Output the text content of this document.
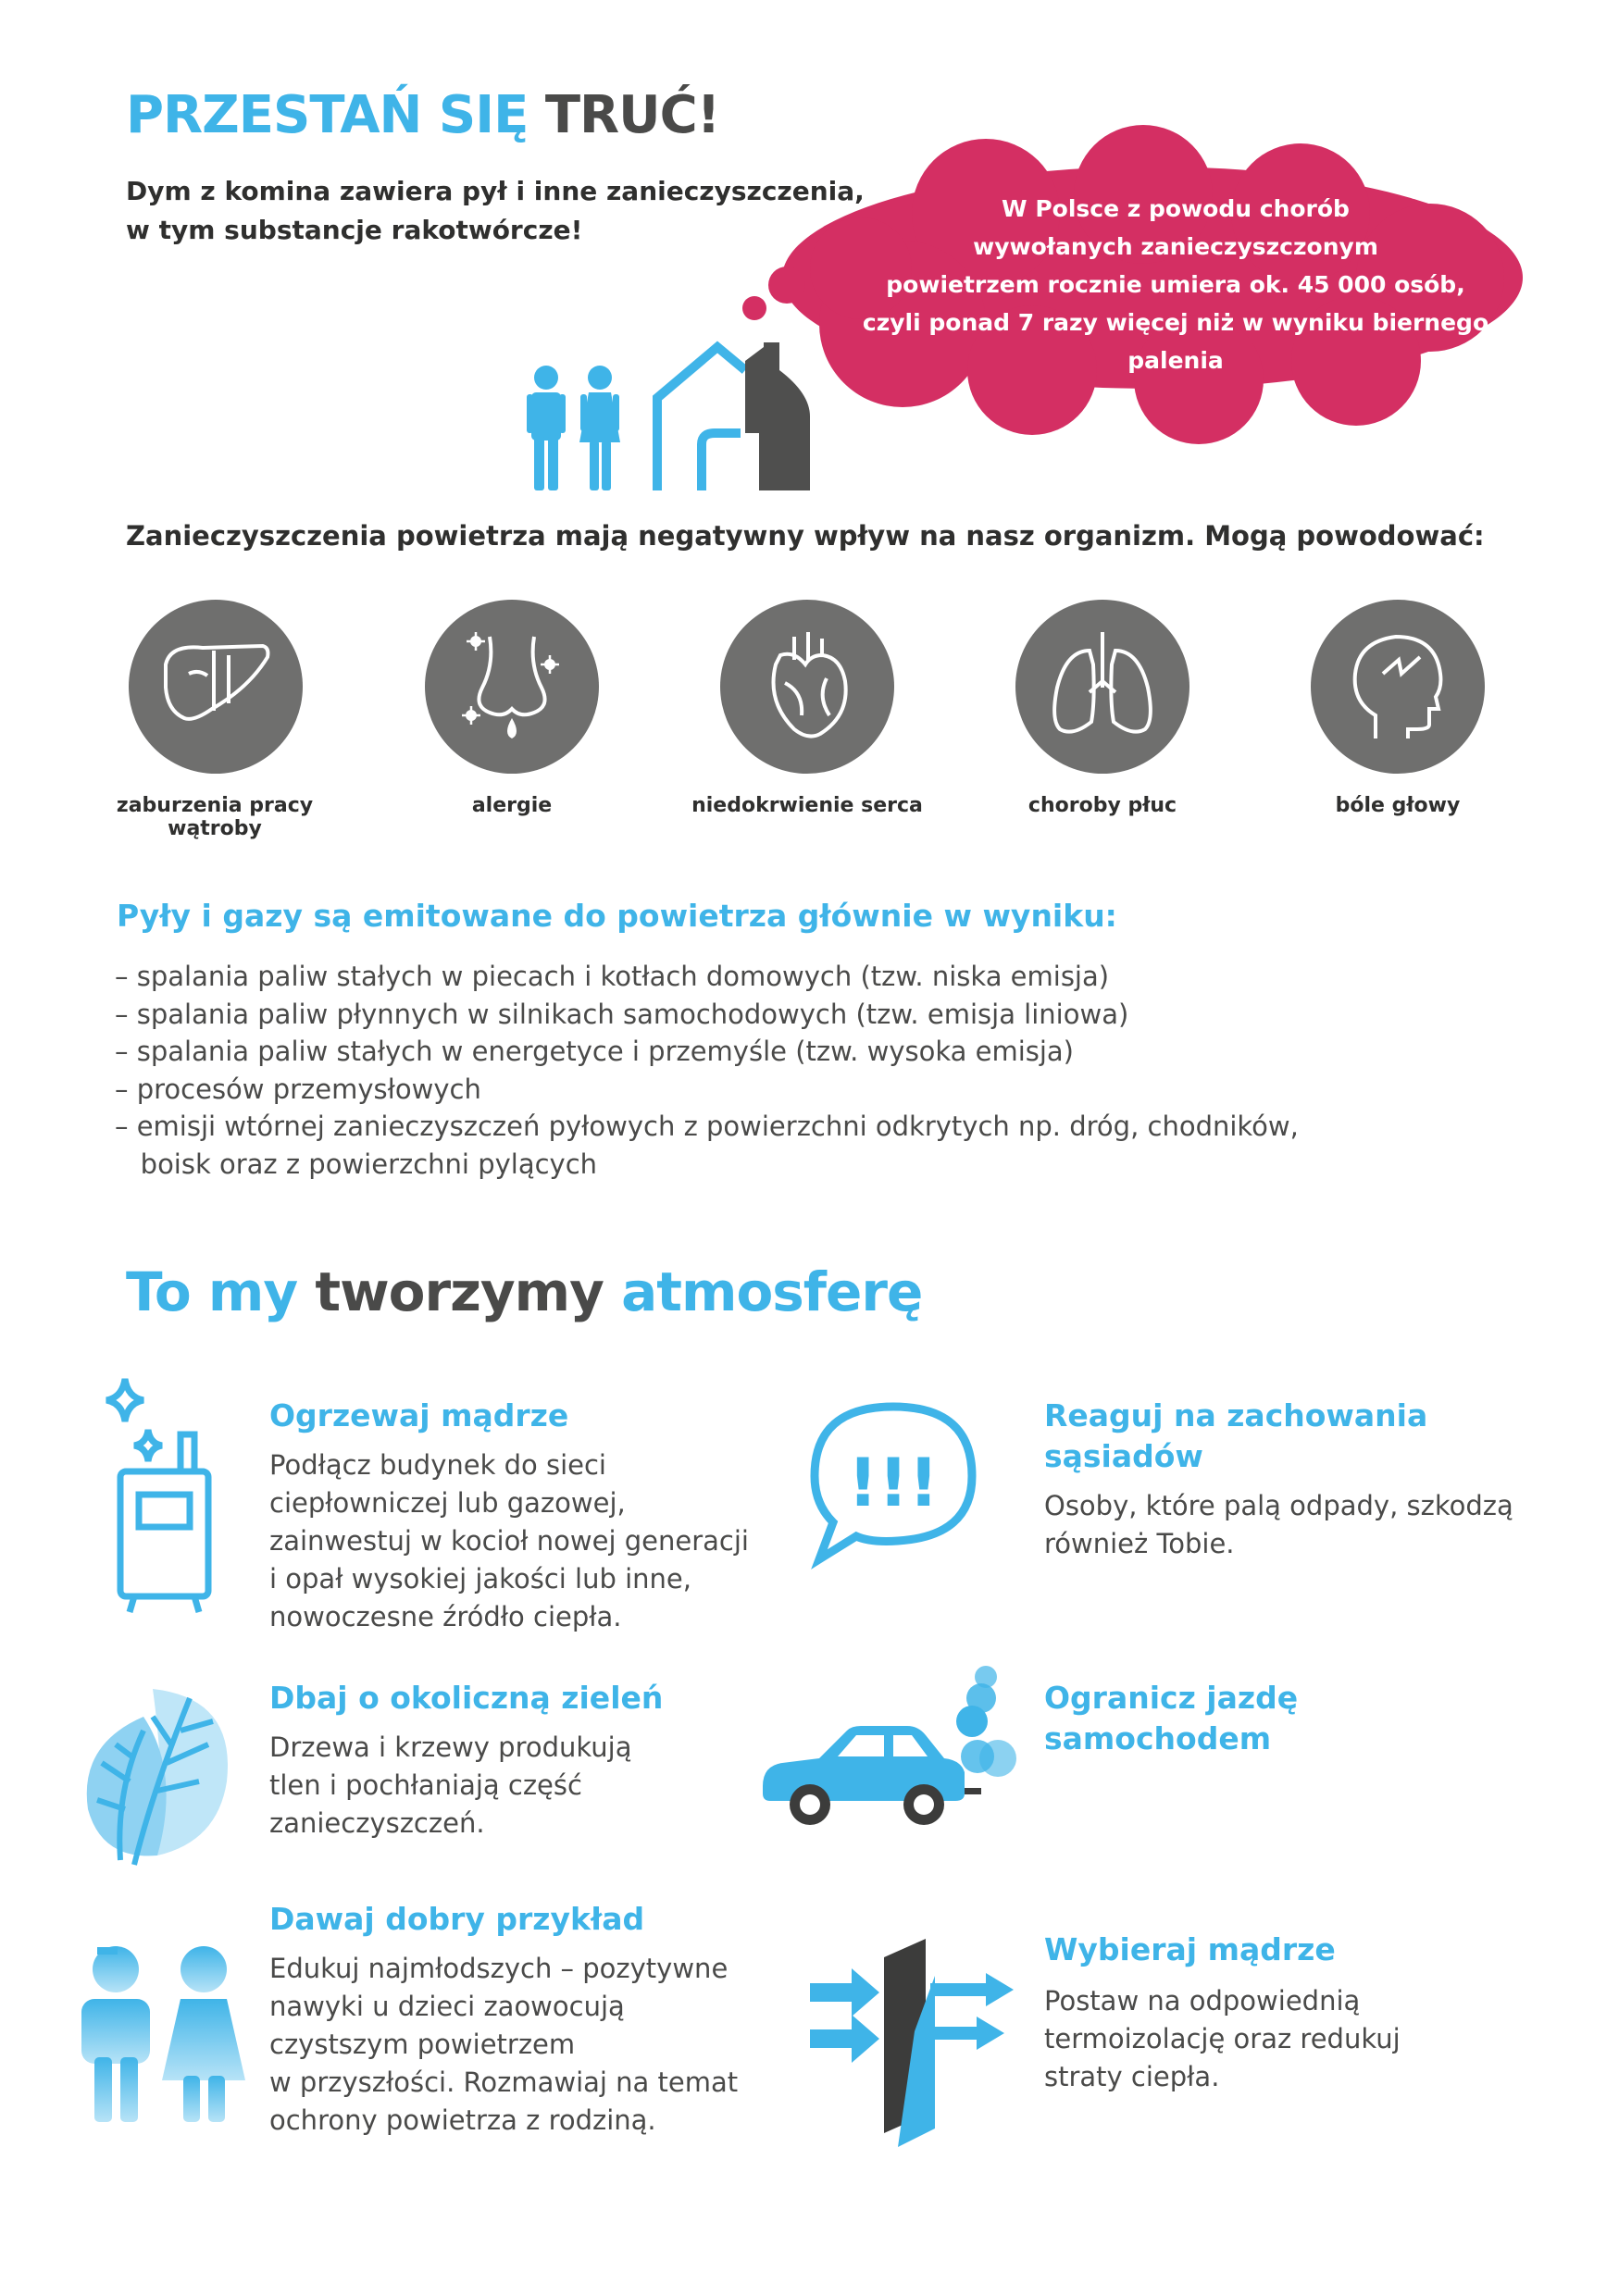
PRZESTAŃ SIĘ TRUĆ!
Dym z komina zawiera pył i inne zanieczyszczenia,
w tym substancje rakotwórcze!
W Polsce z powodu chorób
wywołanych zanieczyszczonym
powietrzem rocznie umiera ok. 45 000 osób,
czyli ponad 7 razy więcej niż w wyniku biernego palenia
Zanieczyszczenia powietrza mają negatywny wpływ na nasz organizm. Mogą powodować:
zaburzenia pracy wątroby
alergie	niedokrwienie serca	choroby płuc	bóle głowy
Pyły i gazy są emitowane do powietrza głównie w wyniku:
– spalania paliw stałych w piecach i kotłach domowych (tzw. niska emisja)
– spalania paliw płynnych w silnikach samochodowych (tzw. emisja liniowa)
– spalania paliw stałych w energetyce i przemyśle (tzw. wysoka emisja)
– procesów przemysłowych
– emisji wtórnej zanieczyszczeń pyłowych z powierzchni odkrytych np. dróg, chodników,
boisk oraz z powierzchni pylących
To my tworzymy atmosferę
Ogrzewaj mądrze
Podłącz budynek do sieci
ciepłowniczej lub gazowej,
zainwestuj w kocioł nowej generacji
i opał wysokiej jakości lub inne,
nowoczesne źródło ciepła.
Dbaj o okoliczną zieleń
Drzewa i krzewy produkują
tlen i pochłaniają część
zanieczyszczeń.
Dawaj dobry przykład
Edukuj najmłodszych – pozytywne
nawyki u dzieci zaowocują
czystszym powietrzem
w przyszłości. Rozmawiaj na temat
ochrony powietrza z rodziną.
!!!
Reaguj na zachowania
sąsiadów
Osoby, które palą odpady, szkodzą
również Tobie.
Ogranicz jazdę
samochodem
Wybieraj mądrze
Postaw na odpowiednią
termoizolację oraz redukuj
straty ciepła.
